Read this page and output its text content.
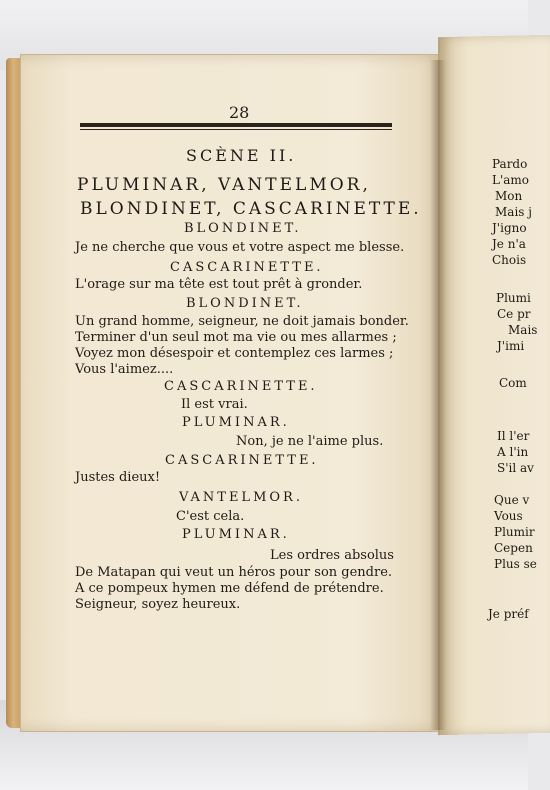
28
SCÈNE II.
PLUMINAR, VANTELMOR,
BLONDINET, CASCARINETTE.
BLONDINET.
Je ne cherche que vous et votre aspect me blesse.
CASCARINETTE.
L'orage sur ma tête est tout prêt à gronder.
BLONDINET.
Un grand homme, seigneur, ne doit jamais bonder.
Terminer d'un seul mot ma vie ou mes allarmes ;
Voyez mon désespoir et contemplez ces larmes ;
Vous l'aimez....
CASCARINETTE.
Il est vrai.
PLUMINAR.
Non, je ne l'aime plus.
CASCARINETTE.
Justes dieux!
VANTELMOR.
C'est cela.
PLUMINAR.
Les ordres absolus
De Matapan qui veut un héros pour son gendre.
A ce pompeux hymen me défend de prétendre.
Seigneur, soyez heureux.
Pardo
L'amo
Mon
Mais j
J'igno
Je n'a
Chois
Plumi
Ce pr
Mais
J'imi
Com
Il l'er
A l'in
S'il av
Que v
Vous
Plumir
Cepen
Plus se
Je préf
